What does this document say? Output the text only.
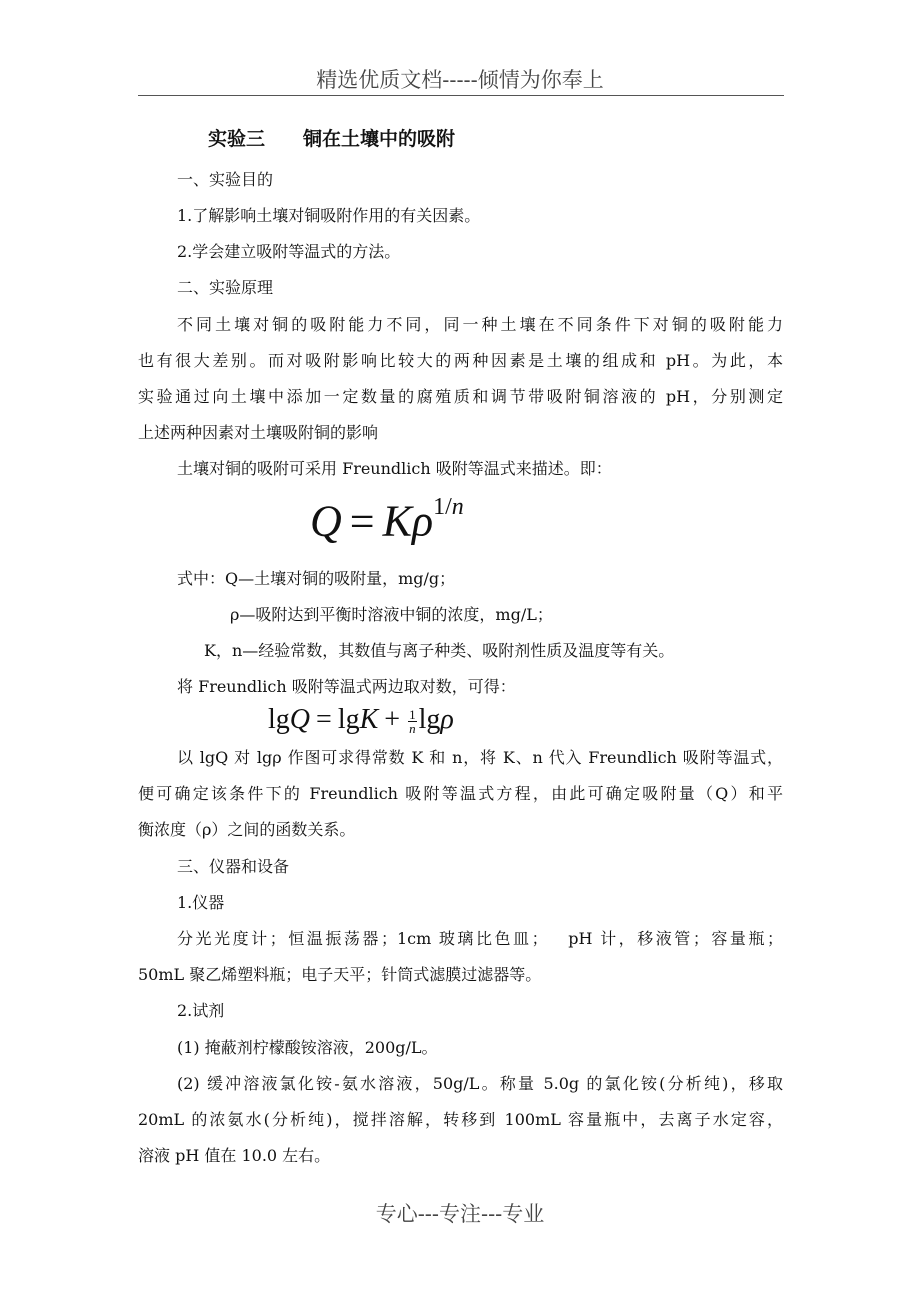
精选优质文档-----倾情为你奉上
实验三 铜在土壤中的吸附
一、实验目的
1.了解影响土壤对铜吸附作用的有关因素。
2.学会建立吸附等温式的方法。
二、实验原理
不同土壤对铜的吸附能力不同，同一种土壤在不同条件下对铜的吸附能力
也有很大差别。而对吸附影响比较大的两种因素是土壤的组成和 pH。为此，本
实验通过向土壤中添加一定数量的腐殖质和调节带吸附铜溶液的 pH，分别测定
上述两种因素对土壤吸附铜的影响
土壤对铜的吸附可采用 Freundlich 吸附等温式来描述。即：
$Q = K\rho^{1/n}$
式中：Q—土壤对铜的吸附量，mg/g；
ρ—吸附达到平衡时溶液中铜的浓度，mg/L；
K，n—经验常数，其数值与离子种类、吸附剂性质及温度等有关。
将 Freundlich 吸附等温式两边取对数，可得：
$\lg Q = \lg K + \frac{1}{n}$ lgρ
以 lgQ 对 lgρ 作图可求得常数 K 和 n，将 K、n 代入 Freundlich 吸附等温式，
便可确定该条件下的 Freundlich 吸附等温式方程，由此可确定吸附量（Q）和平
衡浓度（ρ）之间的函数关系。
三、仪器和设备
1.仪器
分光光度计；恒温振荡器；1cm 玻璃比色皿；　 pH 计，移液管；容量瓶；
50mL 聚乙烯塑料瓶；电子天平；针筒式滤膜过滤器等。
2.试剂
(1) 掩蔽剂柠檬酸铵溶液，200g/L。
(2) 缓冲溶液氯化铵-氨水溶液，50g/L。称量 5.0g 的氯化铵(分析纯)，移取
20mL 的浓氨水(分析纯)，搅拌溶解，转移到 100mL 容量瓶中，去离子水定容，
溶液 pH 值在 10.0 左右。
专心---专注---专业
